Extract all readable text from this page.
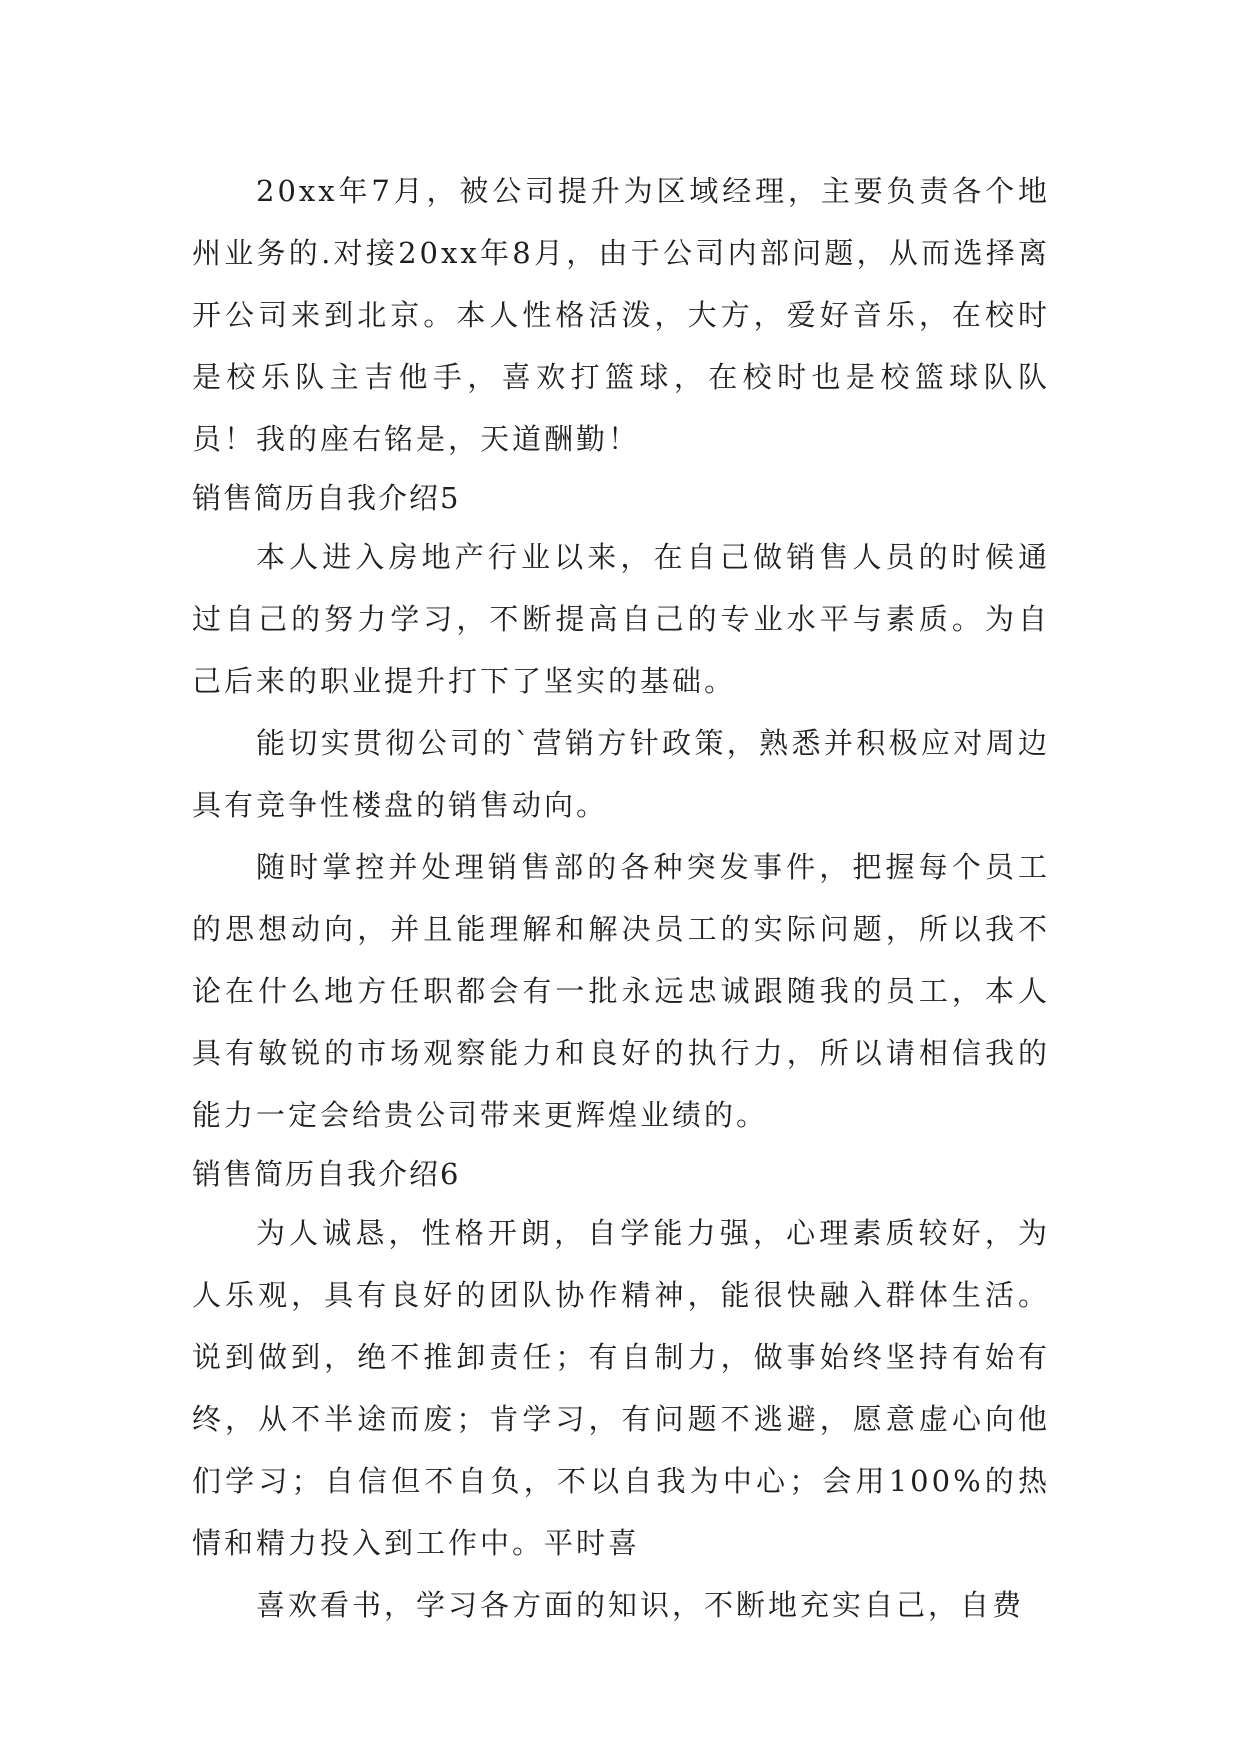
20xx年7月，被公司提升为区域经理，主要负责各个地州业务的.对接20xx年8月，由于公司内部问题，从而选择离开公司来到北京。本人性格活泼，大方，爱好音乐，在校时是校乐队主吉他手，喜欢打篮球，在校时也是校篮球队队员！我的座右铭是，天道酬勤！

销售简历自我介绍5

本人进入房地产行业以来，在自己做销售人员的时候通过自己的努力学习，不断提高自己的专业水平与素质。为自己后来的职业提升打下了坚实的基础。

能切实贯彻公司的`营销方针政策，熟悉并积极应对周边具有竞争性楼盘的销售动向。

随时掌控并处理销售部的各种突发事件，把握每个员工的思想动向，并且能理解和解决员工的实际问题，所以我不论在什么地方任职都会有一批永远忠诚跟随我的员工，本人具有敏锐的市场观察能力和良好的执行力，所以请相信我的能力一定会给贵公司带来更辉煌业绩的。

销售简历自我介绍6

为人诚恳，性格开朗，自学能力强，心理素质较好，为人乐观，具有良好的团队协作精神，能很快融入群体生活。说到做到，绝不推卸责任；有自制力，做事始终坚持有始有终，从不半途而废；肯学习，有问题不逃避，愿意虚心向他们学习；自信但不自负，不以自我为中心；会用100%的热情和精力投入到工作中。平时喜

喜欢看书，学习各方面的知识，不断地充实自己，自费
